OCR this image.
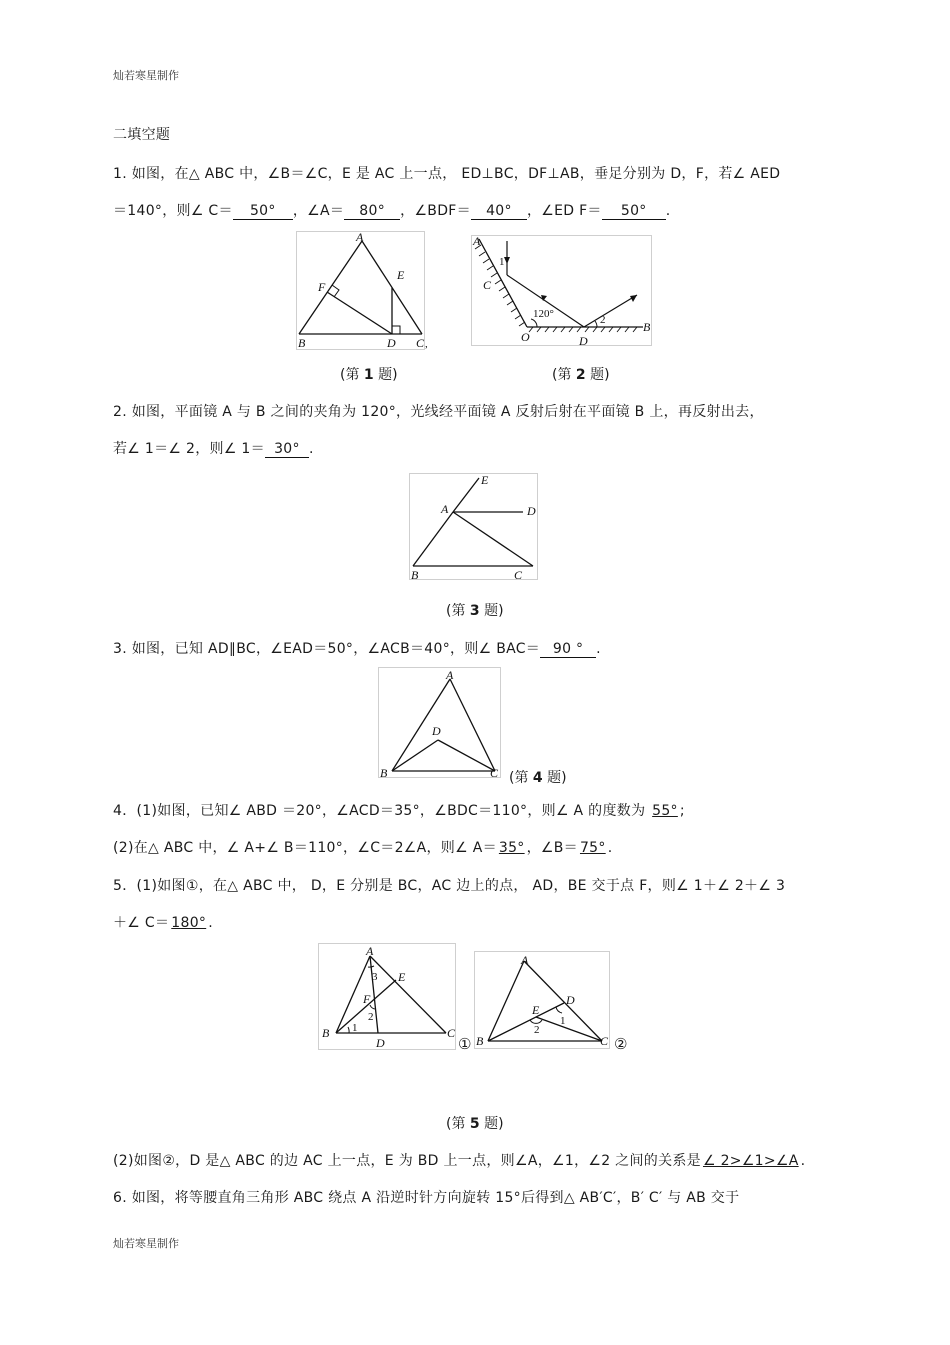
灿若寒星制作
二填空题
1. 如图，在△ ABC 中，∠B＝∠C，E 是 AC 上一点， ED⊥BC，DF⊥AB，垂足分别为 D，F，若∠ AED
＝140°，则∠ C＝ 50° ，∠A＝ 80° ，∠BDF＝ 40° ，∠ED F＝ 50° .
A
E
F
B	D C ,
A
1
C
120°	2
O	D
B
(第 1 题)	(第 2 题)
2. 如图，平面镜 A 与 B 之间的夹角为 120°，光线经平面镜 A 反射后射在平面镜 B 上，再反射出去，
若∠ 1＝∠ 2，则∠ 1＝ 30° .
E
A	D
B	C
(第 3 题)
3. 如图，已知 AD∥BC，∠EAD＝50°，∠ACB＝40°，则∠ BAC＝ 90 ° .
A
D
B	C (第 4 题)
4．(1)如图，已知∠ ABD ＝20°，∠ACD＝35°，∠BDC＝110°，则∠ A 的度数为 55° ;
(2)在△ ABC 中，∠ A+∠ B＝110°，∠C＝2∠A，则∠ A＝ 35° ，∠B＝ 75° .
5．(1)如图①，在△ ABC 中， D，E 分别是 BC，AC 边上的点， AD，BE 交于点 F，则∠ 1＋∠ 2＋∠ 3
＋∠ C＝ 180° .
A
3 E
F
2
B 1
D
C
①
A
D
E
1
2
B	C ②
(第 5 题)
(2)如图②，D 是△ ABC 的边 AC 上一点，E 为 BD 上一点，则∠A，∠1，∠2 之间的关系是 ∠ 2>∠1>∠A .
6. 如图，将等腰直角三角形 ABC 绕点 A 沿逆时针方向旋转 15°后得到△ AB′C′，B′ C′ 与 AB 交于
灿若寒星制作
